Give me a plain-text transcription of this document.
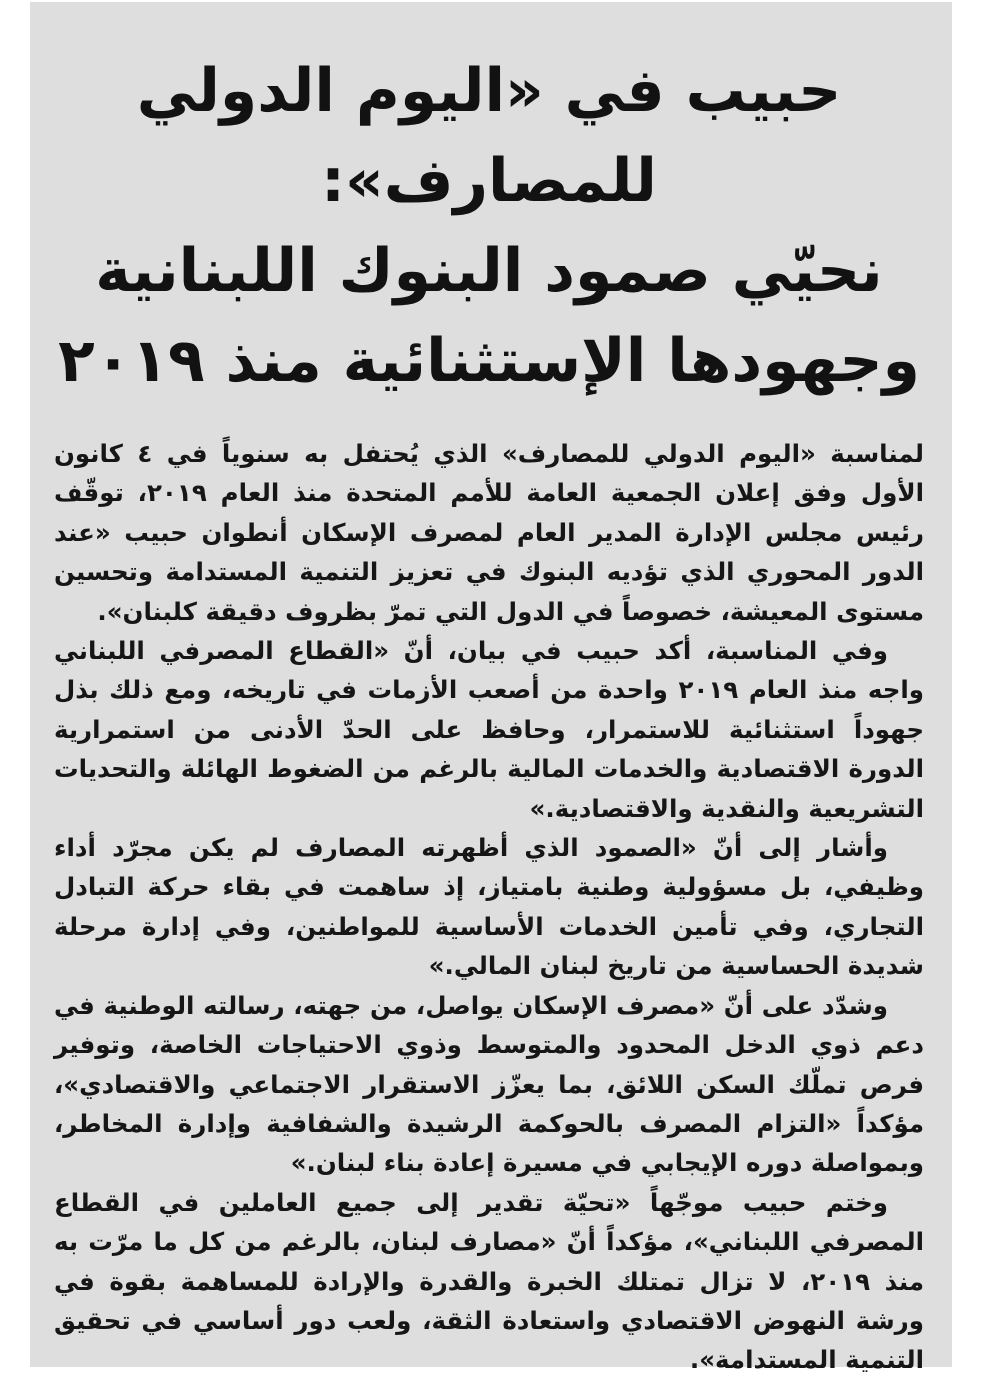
حبيب في «اليوم الدولي للمصارف»:
نحيّي صمود البنوك اللبنانية
وجهودها الإستثنائية منذ ٢٠١٩

لمناسبة «اليوم الدولي للمصارف» الذي يُحتفل به سنوياً في ٤ كانون الأول وفق إعلان الجمعية العامة للأمم المتحدة منذ العام ٢٠١٩، توقّف رئيس مجلس الإدارة المدير العام لمصرف الإسكان أنطوان حبيب «عند الدور المحوري الذي تؤديه البنوك في تعزيز التنمية المستدامة وتحسين مستوى المعيشة، خصوصاً في الدول التي تمرّ بظروف دقيقة كلبنان».

وفي المناسبة، أكد حبيب في بيان، أنّ «القطاع المصرفي اللبناني واجه منذ العام ٢٠١٩ واحدة من أصعب الأزمات في تاريخه، ومع ذلك بذل جهوداً استثنائية للاستمرار، وحافظ على الحدّ الأدنى من استمرارية الدورة الاقتصادية والخدمات المالية بالرغم من الضغوط الهائلة والتحديات التشريعية والنقدية والاقتصادية.»

وأشار إلى أنّ «الصمود الذي أظهرته المصارف لم يكن مجرّد أداء وظيفي، بل مسؤولية وطنية بامتياز، إذ ساهمت في بقاء حركة التبادل التجاري، وفي تأمين الخدمات الأساسية للمواطنين، وفي إدارة مرحلة شديدة الحساسية من تاريخ لبنان المالي.»

وشدّد على أنّ «مصرف الإسكان يواصل، من جهته، رسالته الوطنية في دعم ذوي الدخل المحدود والمتوسط وذوي الاحتياجات الخاصة، وتوفير فرص تملّك السكن اللائق، بما يعزّز الاستقرار الاجتماعي والاقتصادي»، مؤكداً «التزام المصرف بالحوكمة الرشيدة والشفافية وإدارة المخاطر، وبمواصلة دوره الإيجابي في مسيرة إعادة بناء لبنان.»

وختم حبيب موجّهاً «تحيّة تقدير إلى جميع العاملين في القطاع المصرفي اللبناني»، مؤكداً أنّ «مصارف لبنان، بالرغم من كل ما مرّت به منذ ٢٠١٩، لا تزال تمتلك الخبرة والقدرة والإرادة للمساهمة بقوة في ورشة النهوض الاقتصادي واستعادة الثقة، ولعب دور أساسي في تحقيق التنمية المستدامة».
